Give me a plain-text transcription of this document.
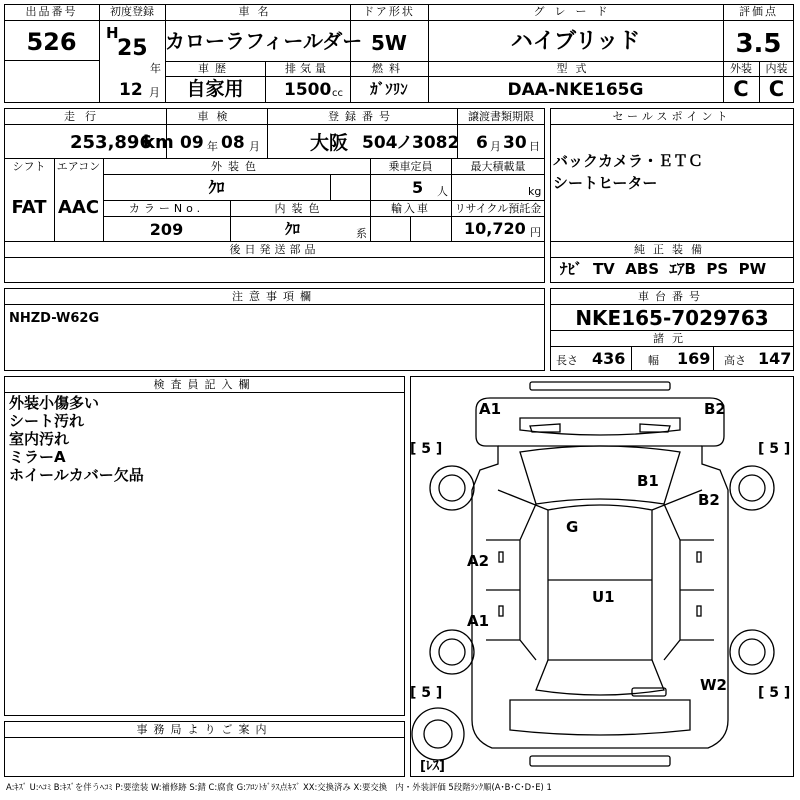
出品番号
526
初度登録
H
25
年
12 月
車名
カローラフィールダー
ドア形状
5W
グレード
ハイブリッド
評価点
3.5
車歴
自家用
排気量
1500 cc
燃料
ｶﾞｿﾘﾝ
型式
DAA-NKE165G
外装
C
内装
C
走行
253,896
km
車検
09 年 08 月
登録番号
大阪 504
ノ 3082
譲渡書類期限
6 月 30 日
シフト
FAT
エアコン
AAC
外装色
ｸﾛ
乗車定員
5 人
最大積載量
kg
カラーNo.
209
内装色
ｸﾛ	系
輸入車	リサイクル預託金
10,720 円
後日発送部品
セールスポイント
バックカメラ・ＥＴＣ
シートヒーター
純正装備
ﾅﾋﾞ  TV  ABS  ｴｱB  PS  PW
注意事項欄
NHZD-W62G
車台番号
NKE165-7029763
諸元
長さ 436 幅 169 高さ 147
検査員記入欄
外装小傷多い
シート汚れ
室内汚れ
ミラーA
ホイールカバー欠品
事務局よりご案内
A1	B2
B1
B2
G
A2
U1
A1
W2
[ 5 ]	[ 5 ]
[ 5 ]	[ 5 ]
[ﾚｽ]
A:ｷｽﾞ U:ﾍｺﾐ B:ｷｽﾞを伴うﾍｺﾐ P:要塗装 W:補修跡 S:錆 C:腐食 G:ﾌﾛﾝﾄｶﾞﾗｽ点ｷｽﾞ XX:交換済み X:要交換　内・外装評価 5段階ﾗﾝｸ順(A･B･C･D･E) 1
